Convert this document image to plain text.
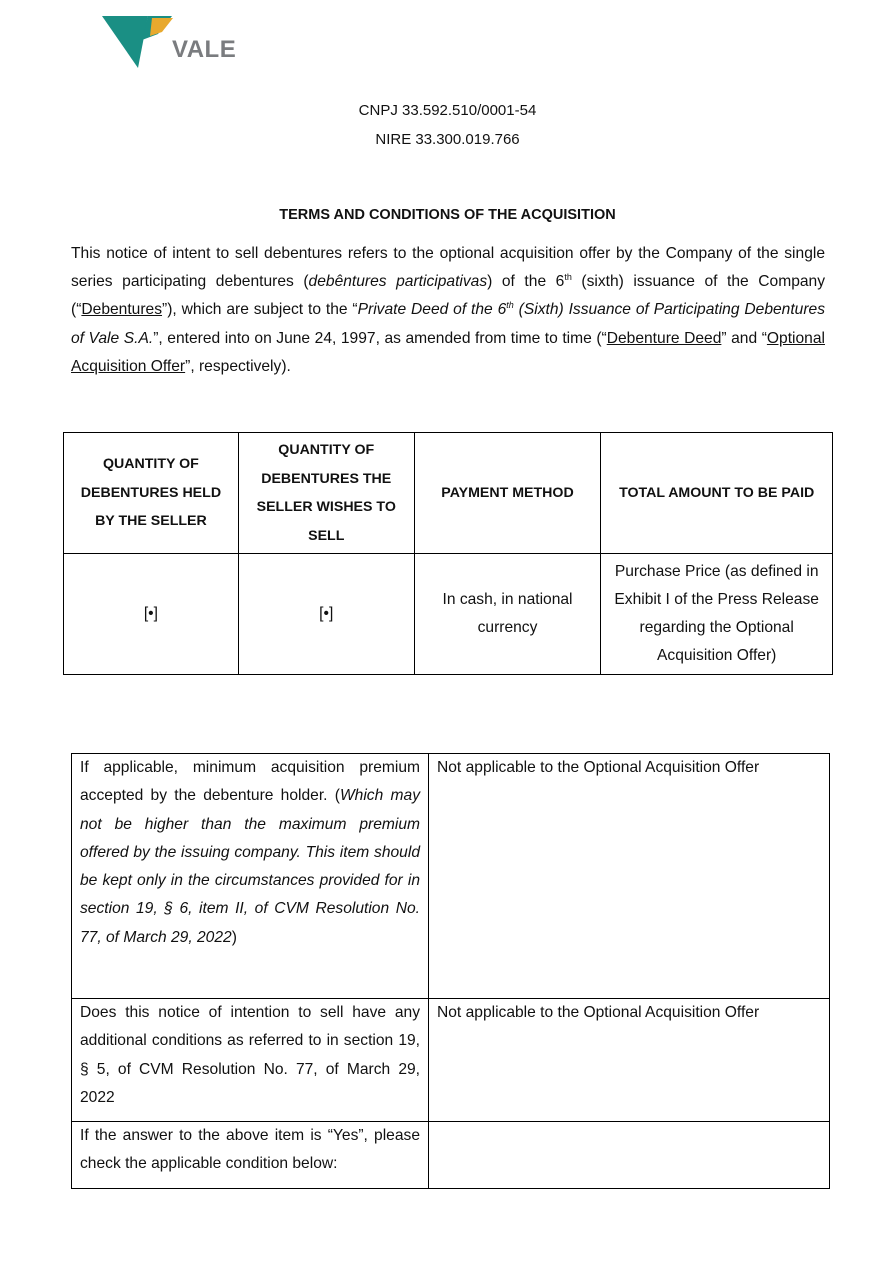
VALE
CNPJ 33.592.510/0001-54
NIRE 33.300.019.766
TERMS AND CONDITIONS OF THE ACQUISITION

This notice of intent to sell debentures refers to the optional acquisition offer by the Company of the single series participating debentures (debêntures participativas) of the 6th (sixth) issuance of the Company (“Debentures”), which are subject to the “Private Deed of the 6th (Sixth) Issuance of Participating Debentures of Vale S.A.”, entered into on June 24, 1997, as amended from time to time (“Debenture Deed” and “Optional Acquisition Offer”, respectively).

QUANTITY OF DEBENTURES HELD BY THE SELLER	QUANTITY OF DEBENTURES THE SELLER WISHES TO SELL	PAYMENT METHOD	TOTAL AMOUNT TO BE PAID
[•]	[•]	In cash, in national currency	Purchase Price (as defined in Exhibit I of the Press Release regarding the Optional Acquisition Offer)
If applicable, minimum acquisition premium accepted by the debenture holder. (Which may not be higher than the maximum premium offered by the issuing company. This item should be kept only in the circumstances provided for in section 19, § 6, item II, of CVM Resolution No. 77, of March 29, 2022)	Not applicable to the Optional Acquisition Offer
Does this notice of intention to sell have any additional conditions as referred to in section 19, § 5, of CVM Resolution No. 77, of March 29, 2022	Not applicable to the Optional Acquisition Offer
If the answer to the above item is “Yes”, please check the applicable condition below:	
